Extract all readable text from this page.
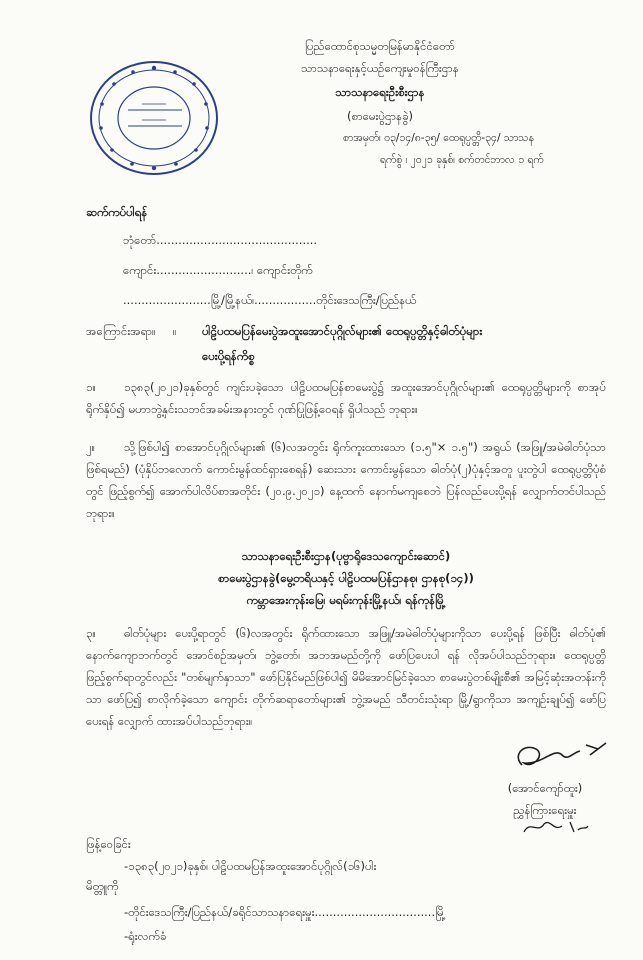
ပြည်ထောင်စုသမ္မတမြန်မာနိုင်ငံတော်
သာသနာရေးနှင့်ယဉ်ကျေးမှုဝန်ကြီးဌာန
သာသနာရေးဦးစီးဌာန
(စာမေးပွဲဌာနခွဲ)
စာအမှတ်၊ ၀၃/၁၄/၈-၃၅/ ထေရုပ္ပတ္တိ-၃၄/ သာသန
ရက်စွဲ ၊ ၂၀၂၁ ခုနှစ်၊ စက်တင်ဘာလ ၁ ရက်
ဆက်ကပ်ပါရန်
ဘုံတော်............................................
ကျောင်း..........................၊ ကျောင်းတိုက်
........................မြို့/မြို့နယ်၊.................တိုင်းဒေသကြီး/ပြည်နယ်
အကြောင်းအရာ။ ။ ပါဠိပထမပြန်မေးပွဲအထူးအောင်ပုဂ္ဂိုလ်များ၏ ထေရုပ္ပတ္တိနှင့်ဓါတ်ပုံများ
ပေးပို့ရန်ကိစ္စ
၁။	၁၃၈၃(၂၀၂၁)ခုနှစ်တွင် ကျင်းပခဲ့သော ပါဠိပထမပြန်စာမေးပွဲ၌ အထူးအောင်ပုဂ္ဂိုလ်များ၏ ထေရုပ္ပတ္တိများကို စာအုပ်ရိုက်နှိပ်၍ မဟာဘွဲ့နှင်းသဘင်အခမ်းအနားတွင် ဂုဏ်ပြုဖြန့်ဝေရန် ရှိပါသည် ဘုရား။
၂။	သို့ဖြစ်ပါ၍ စာအောင်ပုဂ္ဂိုလ်များ၏ (၆)လအတွင်း ရိုက်ကူးထားသော (၁.၅"× ၁.၅") အရွယ် (အဖြူ/အမဲဓါတ်ပုံသာဖြစ်ရမည်) (ပုံနှိပ်ဘလောက် ကောင်းမွန်ထင်ရှားစေရန်) ဆေးသား ကောင်းမွန်သော ဓါတ်ပုံ(၂)ပုံနှင့်အတူ ပူးတွဲပါ ထေရုပ္ပတ္တိပုံစံတွင် ဖြည့်စွက်၍ အောက်ပါလိပ်စာအတိုင်း (၂၀.၉.၂၀၂၁) နေ့ထက် နောက်မကျစေဘဲ ပြန်လည်ပေးပို့ရန် လျှောက်တင်ပါသည်ဘုရား။
သာသနာရေးဦးစီးဌာန(ပုဗ္ဗာရိုဒေသကျောင်းဆောင်)
စာမေးပွဲဌာနခွဲ(မွေ့တရိယနှင့် ပါဠိပထမပြန်ဌာနစု၊ ဌာနစု(၁၄))
ကမ္ဘာအေးကုန်းမြေ၊ မရမ်းကုန်းမြို့နယ်၊ ရန်ကုန်မြို့
၃။	ဓါတ်ပုံများ ပေးပို့ရာတွင် (၆)လအတွင်း ရိုက်ထားသော အဖြူ/အမဲဓါတ်ပုံများကိုသာ ပေးပို့ရန် ဖြစ်ပြီး ဓါတ်ပုံ၏ နောက်ကျောဘက်တွင် အောင်စဉ်အမှတ်၊ ဘွဲ့တော်၊ အဘအမည်တို့ကို ဖော်ပြပေးပါ ရန် လိုအပ်ပါသည်ဘုရား။ ထေရုပ္ပတ္တိဖြည့်စွက်ရာတွင်လည်း "တစ်မျက်နှာသာ" ဖော်ပြနိုင်မည်ဖြစ်ပါ၍ မိမိအောင်မြင်ခဲ့သော စာမေးပွဲတစ်မျိုးစီ၏ အမြင့်ဆုံးအတန်းကိုသာ ဖော်ပြ၍ စာလိုက်ခဲ့သော ကျောင်း တိုက်ဆရာတော်များ၏ ဘွဲ့အမည် သီတင်းသုံးရာ မြို့/ရွာကိုသာ အကျဉ်းချုပ်၍ ဖော်ပြပေးရန် လျှောက် ထားအပ်ပါသည်ဘုရား။
(အောင်ကျော်ထူး)
ညွှန်ကြားရေးမှူး
ဖြန့်ဝေခြင်း
-၁၃၈၃(၂၀၂၁)ခုနှစ်၊ ပါဠိပထမပြန်အထူးအောင်ပုဂ္ဂိုလ်(၁၆)ပါး
မိတ္တူကို
-တိုင်းဒေသကြီး/ပြည်နယ်/ခရိုင်သာသနာရေးမှူး.................................မြို့
-ရုံးလက်ခံ
